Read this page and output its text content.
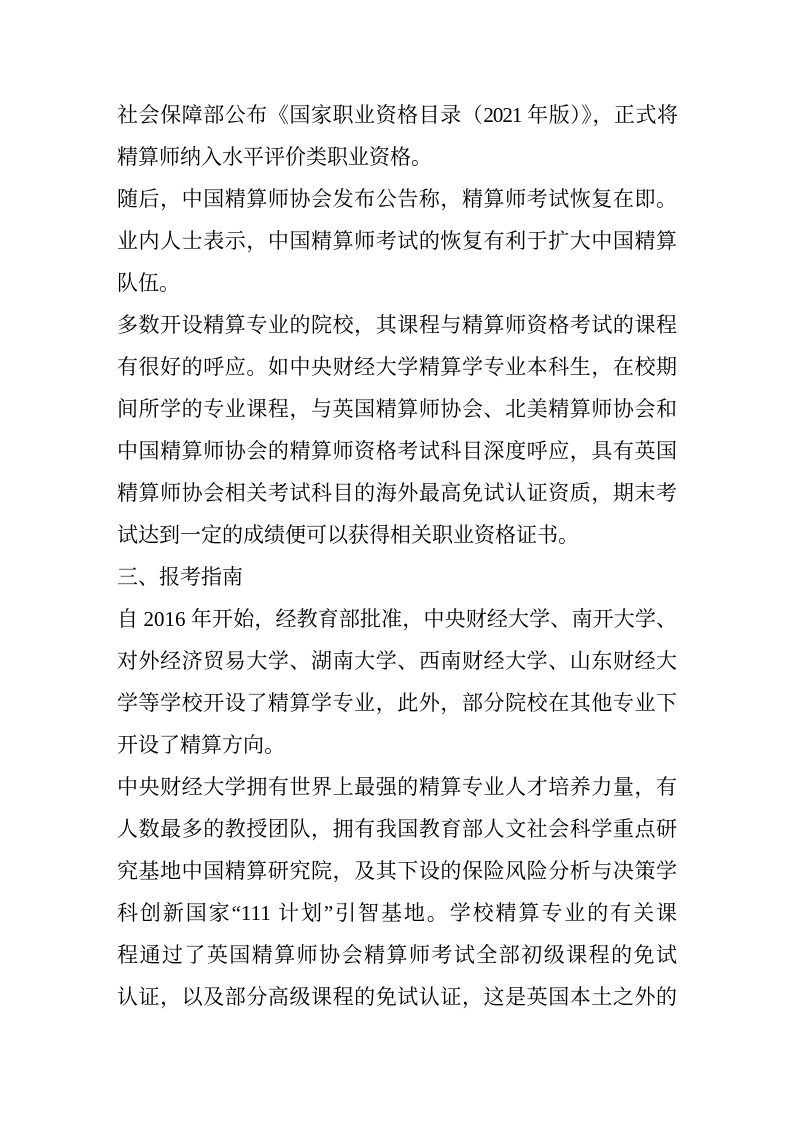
社会保障部公布《国家职业资格目录（2021 年版）》，正式将
精算师纳入水平评价类职业资格。
随后，中国精算师协会发布公告称，精算师考试恢复在即。
业内人士表示，中国精算师考试的恢复有利于扩大中国精算
队伍。
多数开设精算专业的院校，其课程与精算师资格考试的课程
有很好的呼应。如中央财经大学精算学专业本科生，在校期
间所学的专业课程，与英国精算师协会、北美精算师协会和
中国精算师协会的精算师资格考试科目深度呼应，具有英国
精算师协会相关考试科目的海外最高免试认证资质，期末考
试达到一定的成绩便可以获得相关职业资格证书。
三、报考指南
自 2016 年开始，经教育部批准，中央财经大学、南开大学、
对外经济贸易大学、湖南大学、西南财经大学、山东财经大
学等学校开设了精算学专业，此外，部分院校在其他专业下
开设了精算方向。
中央财经大学拥有世界上最强的精算专业人才培养力量，有
人数最多的教授团队，拥有我国教育部人文社会科学重点研
究基地中国精算研究院，及其下设的保险风险分析与决策学
科创新国家“111 计划”引智基地。学校精算专业的有关课
程通过了英国精算师协会精算师考试全部初级课程的免试
认证，以及部分高级课程的免试认证，这是英国本土之外的
